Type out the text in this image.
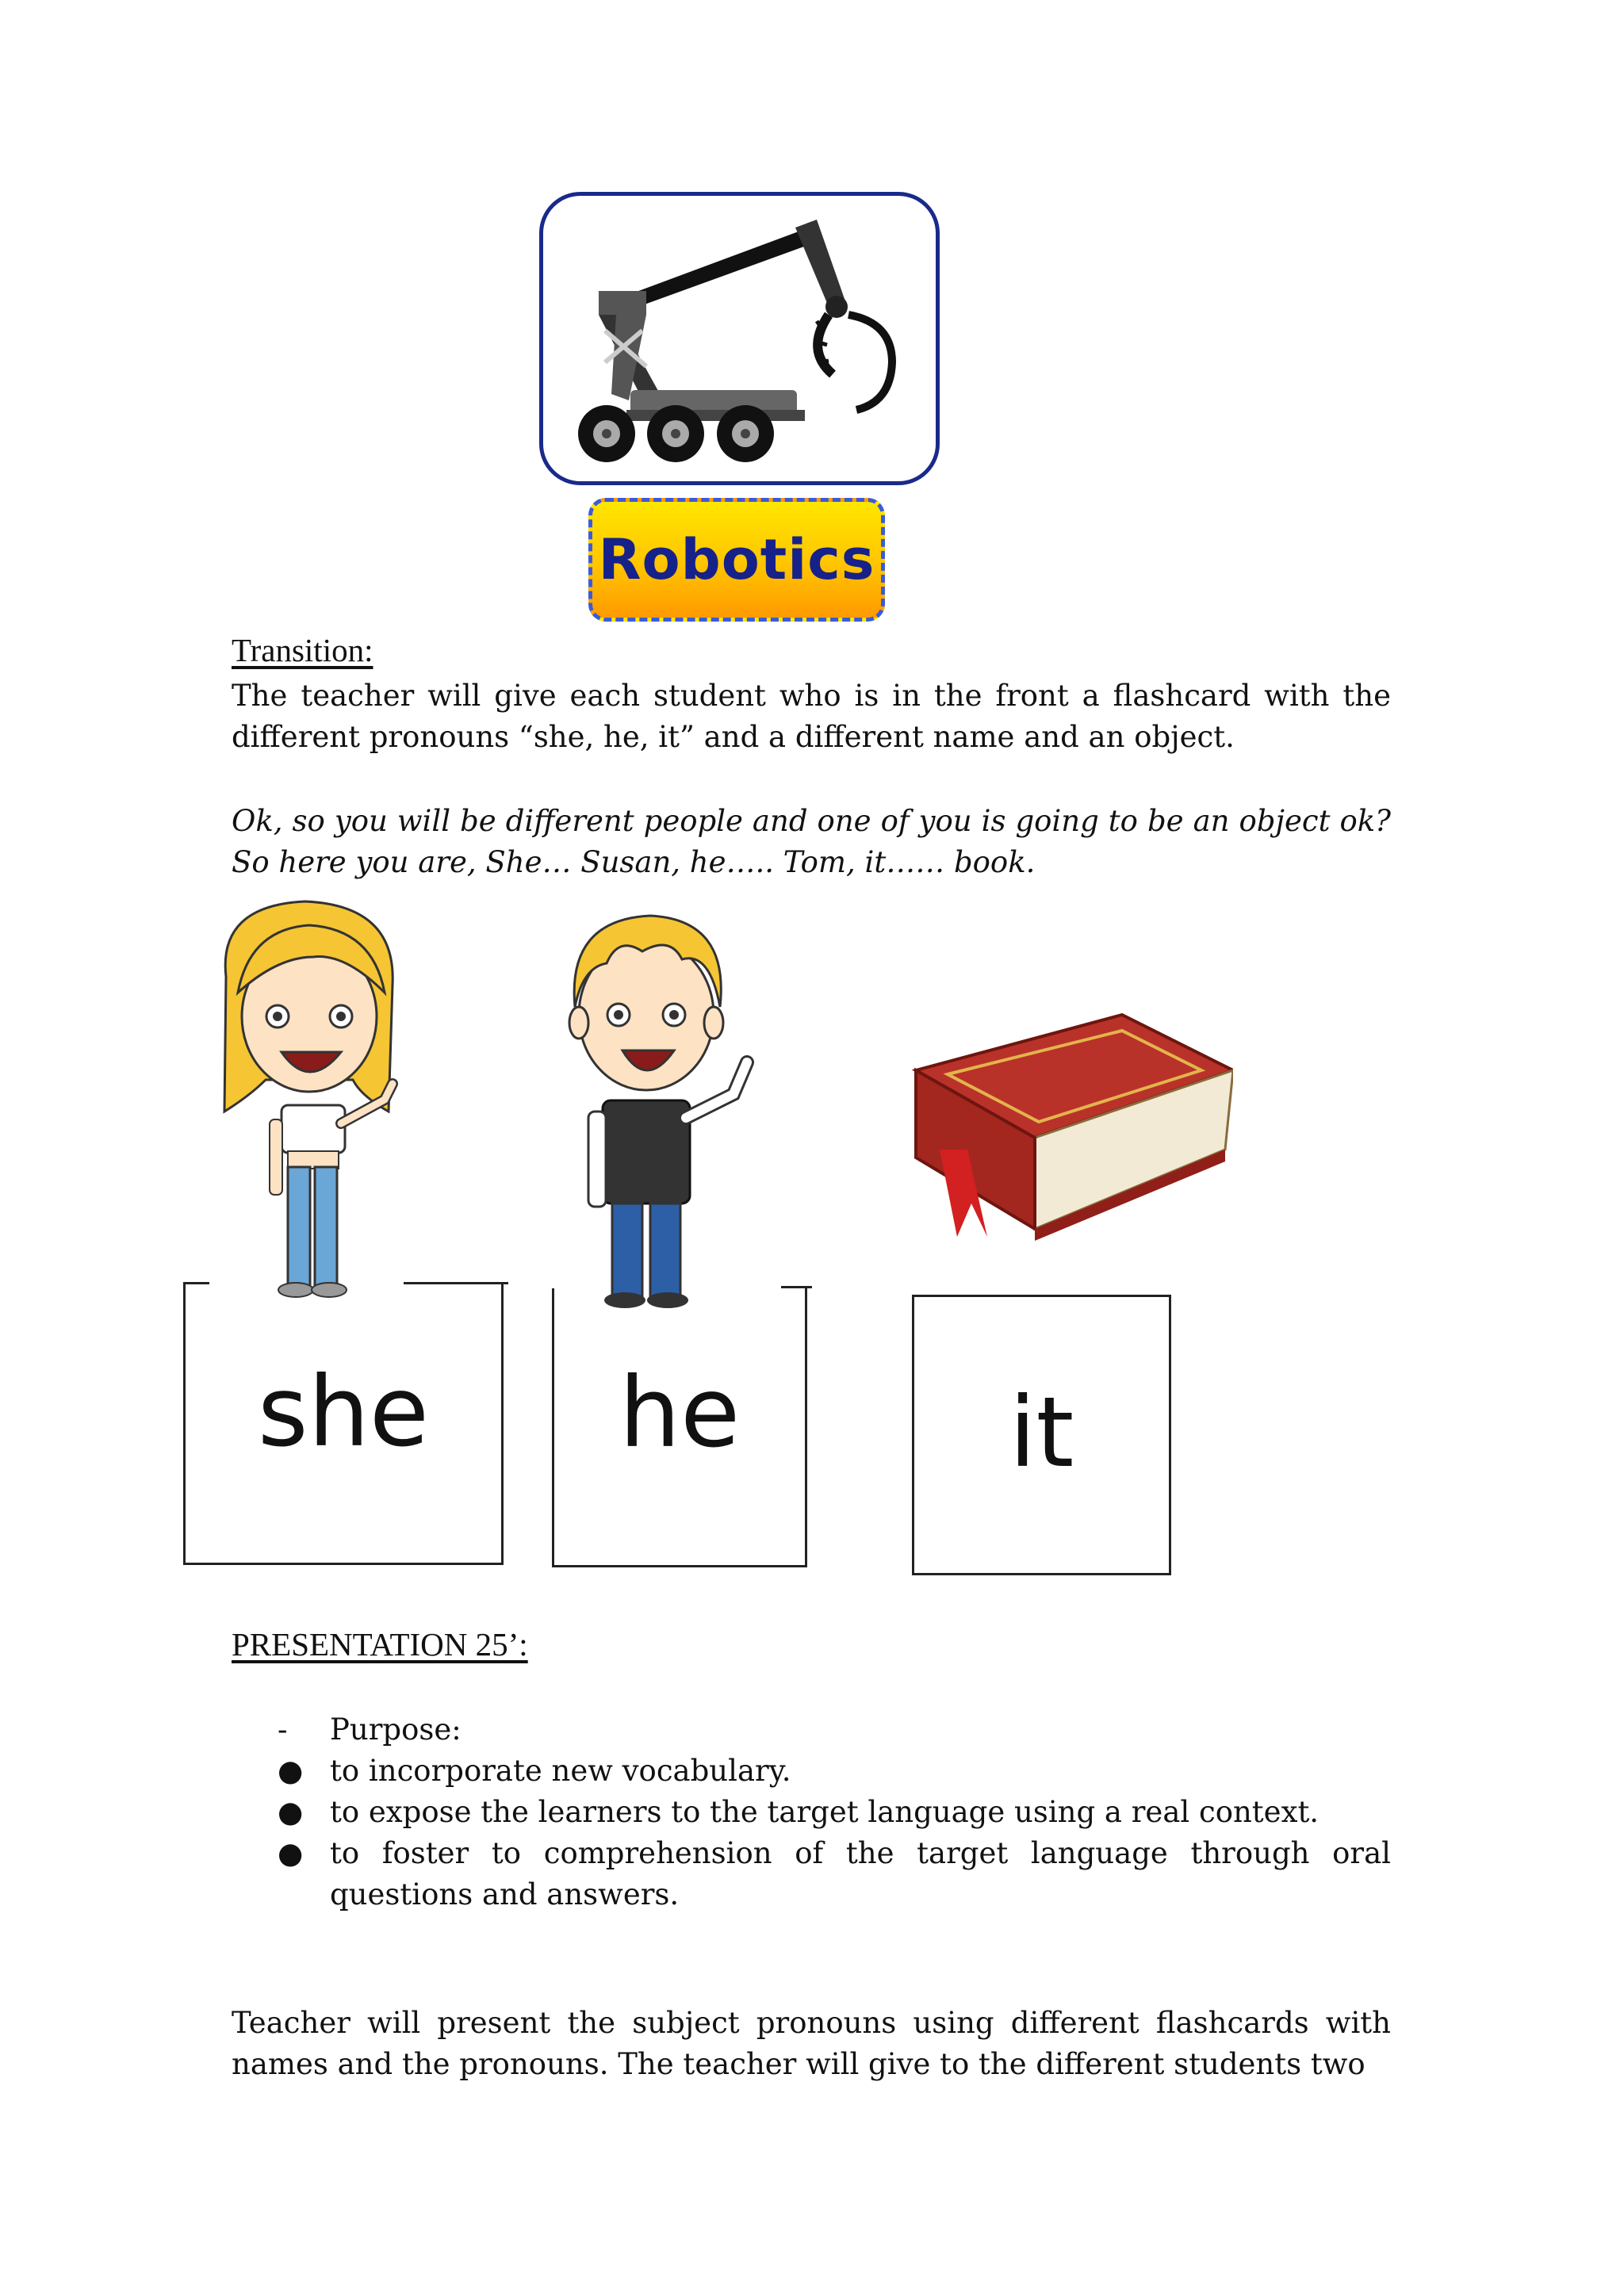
Robotics
Transition:
The teacher will give each student who is in the front a flashcard with the different pronouns “she, he, it” and a different name and an object.
Ok, so you will be different people and one of you is going to be an object ok? So here you are, She… Susan, he….. Tom, it…… book.
she	he	it
PRESENTATION 25’:
- Purpose:
● to incorporate new vocabulary.
● to expose the learners to the target language using a real context.
● to foster to comprehension of the target language through oral questions and answers.
Teacher will present the subject pronouns using different flashcards with names and the pronouns. The teacher will give to the different students two
